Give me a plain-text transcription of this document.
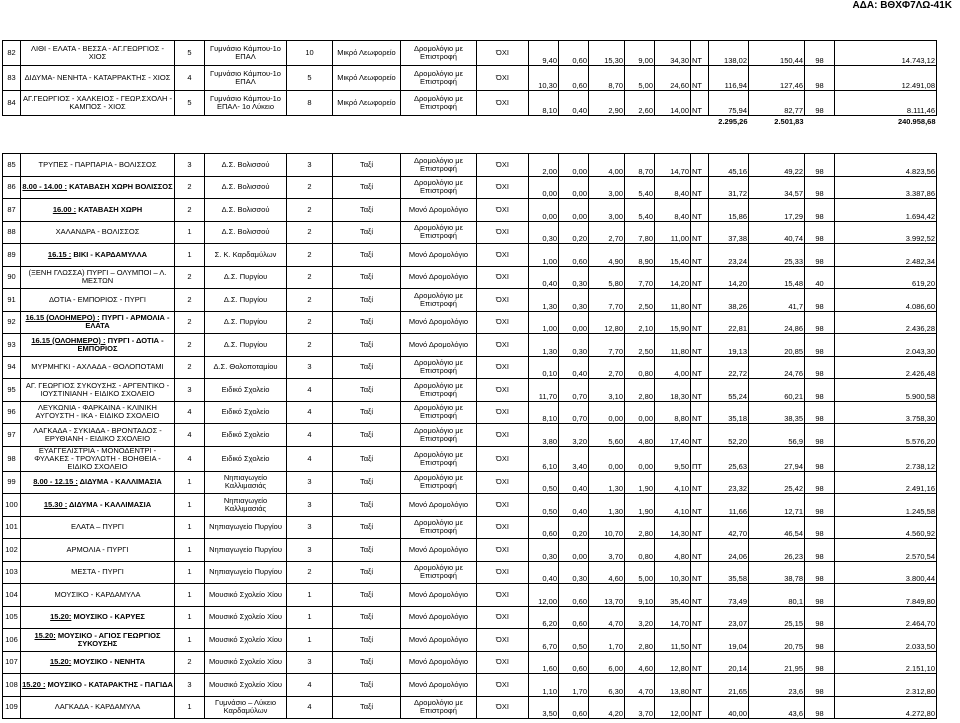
ΑΔΑ: ΒΘΧΦ7ΛΩ-41Κ
82	ΛΙΘΙ - ΕΛΑΤΑ - ΒΕΣΣΑ - ΑΓ.ΓΕΩΡΓΙΟΣ - ΧΙΟΣ	5	Γυμνάσιο Κάμπου-1ο ΕΠΑΛ	10	Μικρό Λεωφορείο	Δρομολόγιο με Επιστροφή	ΌΧΙ	9,40	0,60	15,30	9,00	34,30	ΝΤ	138,02	150,44	98	14.743,12
83	ΔΙΔΥΜΑ- ΝΕΝΗΤΑ - ΚΑΤΑΡΡΑΚΤΗΣ - ΧΙΟΣ	4	Γυμνάσιο Κάμπου-1ο ΕΠΑΛ	5	Μικρό Λεωφορείο	Δρομολόγιο με Επιστροφή	ΌΧΙ	10,30	0,60	8,70	5,00	24,60	ΝΤ	116,94	127,46	98	12.491,08
84	ΑΓ.ΓΕΩΡΓΙΟΣ - ΧΑΛΚΕΙΟΣ - ΓΕΩΡ.ΣΧΟΛΗ - ΚΑΜΠΟΣ - ΧΙΟΣ	5	Γυμνάσιο Κάμπου-1ο ΕΠΑΛ- 1ο Λύκειο	8	Μικρό Λεωφορείο	Δρομολόγιο με Επιστροφή	ΌΧΙ	8,10	0,40	2,90	2,60	14,00	ΝΤ	75,94	82,77	98	8.111,46
														2.295,26	2.501,83		240.958,68
85	ΤΡΥΠΕΣ - ΠΑΡΠΑΡΙΑ - ΒΟΛΙΣΣΟΣ	3	Δ.Σ. Βολισσού	3	Ταξί	Δρομολόγιο με Επιστροφή	ΌΧΙ	2,00	0,00	4,00	8,70	14,70	ΝΤ	45,16	49,22	98	4.823,56
86	8.00 - 14.00 : ΚΑΤΑΒΑΣΗ ΧΩΡΗ ΒΟΛΙΣΣΟΣ	2	Δ.Σ. Βολισσού	2	Ταξί	Δρομολόγιο με Επιστροφή	ΌΧΙ	0,00	0,00	3,00	5,40	8,40	ΝΤ	31,72	34,57	98	3.387,86
87	16.00 : ΚΑΤΑΒΑΣΗ ΧΩΡΗ	2	Δ.Σ. Βολισσού	2	Ταξί	Μονό Δρομολόγιο	ΌΧΙ	0,00	0,00	3,00	5,40	8,40	ΝΤ	15,86	17,29	98	1.694,42
88	ΧΑΛΑΝΔΡΑ - ΒΟΛΙΣΣΟΣ	1	Δ.Σ. Βολισσού	2	Ταξί	Δρομολόγιο με Επιστροφή	ΌΧΙ	0,30	0,20	2,70	7,80	11,00	ΝΤ	37,38	40,74	98	3.992,52
89	16.15 : ΒΙΚΙ - ΚΑΡΔΑΜΥΛΛΑ	1	Σ. Κ. Καρδαμύλων	2	Ταξί	Μονό Δρομολόγιο	ΌΧΙ	1,00	0,60	4,90	8,90	15,40	ΝΤ	23,24	25,33	98	2.482,34
90	(ΞΕΝΗ ΓΛΩΣΣΑ) ΠΥΡΓΙ – ΟΛΥΜΠΟΙ – Λ. ΜΕΣΤΩΝ	2	Δ.Σ. Πυργίου	2	Ταξί	Μονό Δρομολόγιο	ΌΧΙ	0,40	0,30	5,80	7,70	14,20	ΝΤ	14,20	15,48	40	619,20
91	ΔΟΤΙΑ - ΕΜΠΟΡΙΟΣ - ΠΥΡΓΙ	2	Δ.Σ. Πυργίου	2	Ταξί	Δρομολόγιο με Επιστροφή	ΌΧΙ	1,30	0,30	7,70	2,50	11,80	ΝΤ	38,26	41,7	98	4.086,60
92	16.15 (ΟΛΟΗΜΕΡΟ) : ΠΥΡΓΙ - ΑΡΜΟΛΙΑ - ΕΛΑΤΑ	2	Δ.Σ. Πυργίου	2	Ταξί	Μονό Δρομολόγιο	ΌΧΙ	1,00	0,00	12,80	2,10	15,90	ΝΤ	22,81	24,86	98	2.436,28
93	16.15 (ΟΛΟΗΜΕΡΟ) : ΠΥΡΓΙ - ΔΟΤΙΑ - ΕΜΠΟΡΙΟΣ	2	Δ.Σ. Πυργίου	2	Ταξί	Μονό Δρομολόγιο	ΌΧΙ	1,30	0,30	7,70	2,50	11,80	ΝΤ	19,13	20,85	98	2.043,30
94	ΜΥΡΜΗΓΚΙ - ΑΧΛΑΔΑ - ΘΟΛΟΠΟΤΑΜΙ	2	Δ.Σ. Θολοποταμίου	3	Ταξί	Δρομολόγιο με Επιστροφή	ΌΧΙ	0,10	0,40	2,70	0,80	4,00	ΝΤ	22,72	24,76	98	2.426,48
95	ΑΓ. ΓΕΩΡΓΙΟΣ ΣΥΚΟΥΣΗΣ - ΑΡΓΕΝΤΙΚΟ - ΙΟΥΣΤΙΝΙΑΝΗ - ΕΙΔΙΚΟ ΣΧΟΛΕΙΟ	3	Ειδικό Σχολείο	4	Ταξί	Δρομολόγιο με Επιστροφή	ΌΧΙ	11,70	0,70	3,10	2,80	18,30	ΝΤ	55,24	60,21	98	5.900,58
96	ΛΕΥΚΩΝΙΑ - ΦΑΡΚΑΙΝΑ - ΚΛΙΝΙΚΗ ΑΥΓΟΥΣΤΗ - ΙΚΑ - ΕΙΔΙΚΟ ΣΧΟΛΕΙΟ	4	Ειδικό Σχολείο	4	Ταξί	Δρομολόγιο με Επιστροφή	ΌΧΙ	8,10	0,70	0,00	0,00	8,80	ΝΤ	35,18	38,35	98	3.758,30
97	ΛΑΓΚΑΔΑ - ΣΥΚΙΑΔΑ - ΒΡΟΝΤΑΔΟΣ - ΕΡΥΘΙΑΝΗ - ΕΙΔΙΚΟ ΣΧΟΛΕΙΟ	4	Ειδικό Σχολείο	4	Ταξί	Δρομολόγιο με Επιστροφή	ΌΧΙ	3,80	3,20	5,60	4,80	17,40	ΝΤ	52,20	56,9	98	5.576,20
98	ΕΥΑΓΓΕΛΙΣΤΡΙΑ - ΜΟΝΟΔΕΝΤΡΙ - ΦΥΛΑΚΕΣ - ΤΡΟΥΛΩΤΗ - ΒΟΗΘΕΙΑ - ΕΙΔΙΚΟ ΣΧΟΛΕΙΟ	4	Ειδικό Σχολείο	4	Ταξί	Δρομολόγιο με Επιστροφή	ΌΧΙ	6,10	3,40	0,00	0,00	9,50	ΠΤ	25,63	27,94	98	2.738,12
99	8.00 - 12.15 : ΔΙΔΥΜΑ - ΚΑΛΛΙΜΑΣΙΑ	1	Νηπιαγωγείο Καλλιμασιάς	3	Ταξί	Δρομολόγιο με Επιστροφή	ΌΧΙ	0,50	0,40	1,30	1,90	4,10	ΝΤ	23,32	25,42	98	2.491,16
100	15.30 : ΔΙΔΥΜΑ - ΚΑΛΛΙΜΑΣΙΑ	1	Νηπιαγωγείο Καλλιμασιάς	3	Ταξί	Μονό Δρομολόγιο	ΌΧΙ	0,50	0,40	1,30	1,90	4,10	ΝΤ	11,66	12,71	98	1.245,58
101	ΕΛΑΤΑ – ΠΥΡΓΙ	1	Νηπιαγωγείο Πυργίου	3	Ταξί	Δρομολόγιο με Επιστροφή	ΌΧΙ	0,60	0,20	10,70	2,80	14,30	ΝΤ	42,70	46,54	98	4.560,92
102	ΑΡΜΟΛΙΑ - ΠΥΡΓΙ	1	Νηπιαγωγείο Πυργίου	3	Ταξί	Μονό Δρομολόγιο	ΌΧΙ	0,30	0,00	3,70	0,80	4,80	ΝΤ	24,06	26,23	98	2.570,54
103	ΜΕΣΤΑ - ΠΥΡΓΙ	1	Νηπιαγωγείο Πυργίου	2	Ταξί	Δρομολόγιο με Επιστροφή	ΌΧΙ	0,40	0,30	4,60	5,00	10,30	ΝΤ	35,58	38,78	98	3.800,44
104	ΜΟΥΣΙΚΟ - ΚΑΡΔΑΜΥΛΑ	1	Μουσικό Σχολείο Χίου	1	Ταξί	Μονό Δρομολόγιο	ΌΧΙ	12,00	0,60	13,70	9,10	35,40	ΝΤ	73,49	80,1	98	7.849,80
105	15.20: ΜΟΥΣΙΚΟ - ΚΑΡΥΕΣ	1	Μουσικό Σχολείο Χίου	1	Ταξί	Μονό Δρομολόγιο	ΌΧΙ	6,20	0,60	4,70	3,20	14,70	ΝΤ	23,07	25,15	98	2.464,70
106	15.20: ΜΟΥΣΙΚΟ - ΑΓΙΟΣ ΓΕΩΡΓΙΟΣ ΣΥΚΟΥΣΗΣ	1	Μουσικό Σχολείο Χίου	1	Ταξί	Μονό Δρομολόγιο	ΌΧΙ	6,70	0,50	1,70	2,80	11,50	ΝΤ	19,04	20,75	98	2.033,50
107	15.20: ΜΟΥΣΙΚΟ - ΝΕΝΗΤΑ	2	Μουσικό Σχολείο Χίου	3	Ταξί	Μονό Δρομολόγιο	ΌΧΙ	1,60	0,60	6,00	4,60	12,80	ΝΤ	20,14	21,95	98	2.151,10
108	15.20 : ΜΟΥΣΙΚΟ - ΚΑΤΑΡΑΚΤΗΣ - ΠΑΓΙΔΑ	3	Μουσικό Σχολείο Χίου	4	Ταξί	Μονό Δρομολόγιο	ΌΧΙ	1,10	1,70	6,30	4,70	13,80	ΝΤ	21,65	23,6	98	2.312,80
109	ΛΑΓΚΑΔΑ - ΚΑΡΔΑΜΥΛΑ	1	Γυμνάσιο – Λύκειο Καρδαμύλων	4	Ταξί	Δρομολόγιο με Επιστροφή	ΌΧΙ	3,50	0,60	4,20	3,70	12,00	ΝΤ	40,00	43,6	98	4.272,80
